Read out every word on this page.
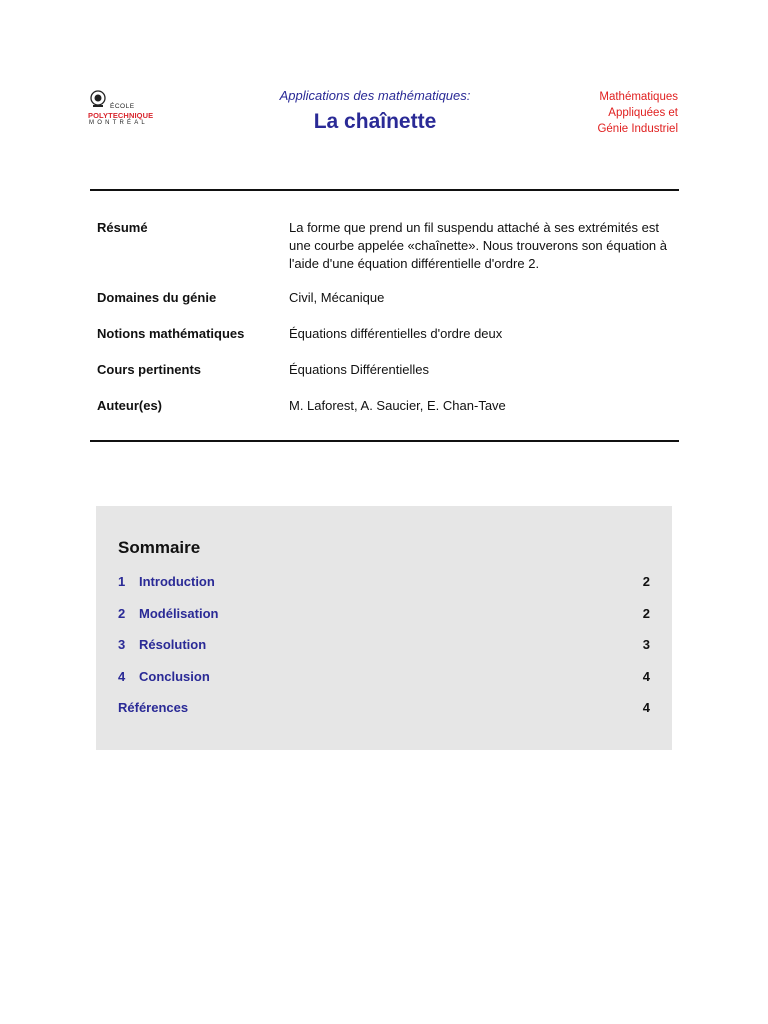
ÉCOLE
POLYTECHNIQUE
MONTRÉAL
Applications des mathématiques:
La chaînette
Mathématiques
Appliquées et
Génie Industriel
Résumé	La forme que prend un fil suspendu attaché à ses extrémités est une courbe appelée «chaînette». Nous trouverons son équation à l'aide d'une équation différentielle d'ordre 2.
Domaines du génie	Civil, Mécanique
Notions mathématiques	Équations différentielles d'ordre deux
Cours pertinents	Équations Différentielles
Auteur(es)	M. Laforest, A. Saucier, E. Chan-Tave
Sommaire
1 Introduction	2
2 Modélisation	2
3 Résolution	3
4 Conclusion	4
Références	4
